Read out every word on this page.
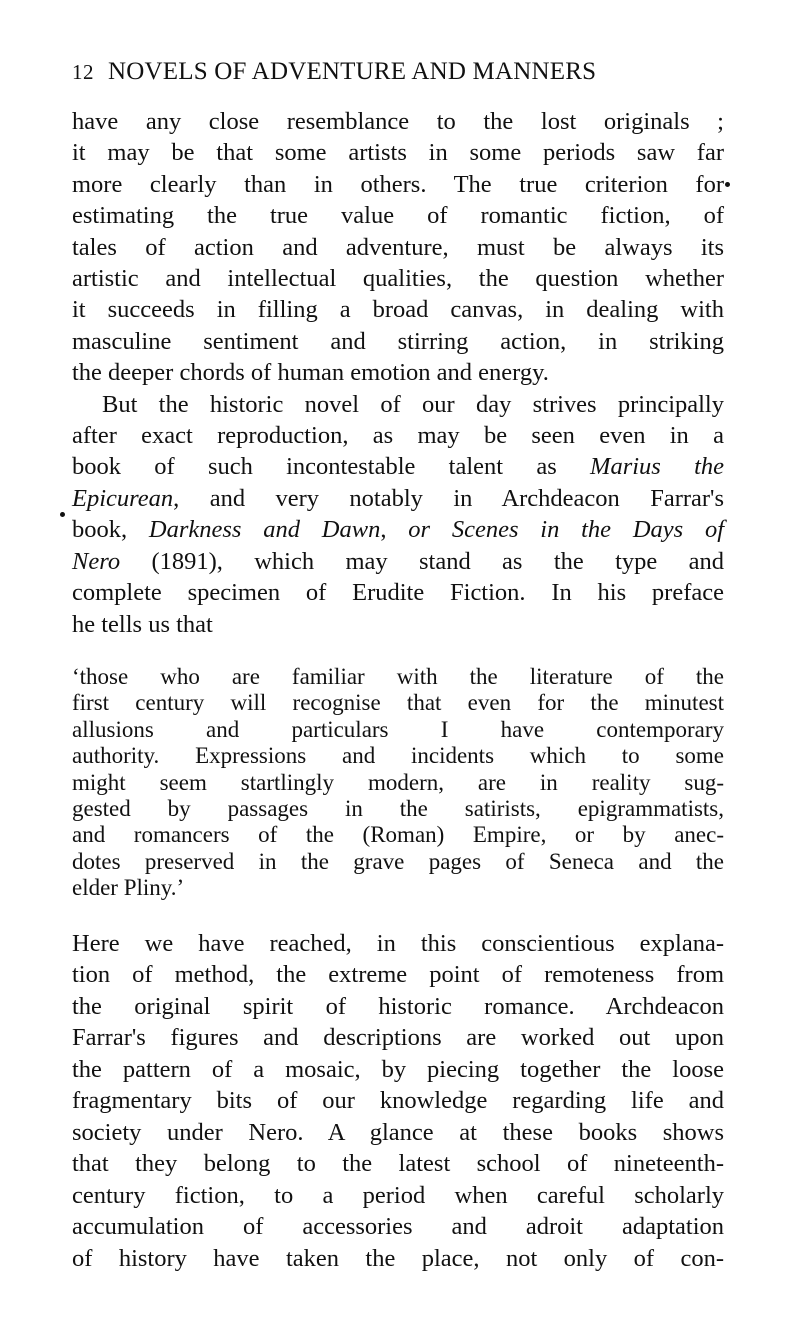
12 NOVELS OF ADVENTURE AND MANNERS
have any close resemblance to the lost originals ;
it may be that some artists in some periods saw far
more clearly than in others. The true criterion for
estimating the true value of romantic fiction, of
tales of action and adventure, must be always its
artistic and intellectual qualities, the question whether
it succeeds in filling a broad canvas, in dealing with
masculine sentiment and stirring action, in striking
the deeper chords of human emotion and energy.
But the historic novel of our day strives principally
after exact reproduction, as may be seen even in a
book of such incontestable talent as Marius the
Epicurean, and very notably in Archdeacon Farrar's
book, Darkness and Dawn, or Scenes in the Days of
Nero (1891), which may stand as the type and
complete specimen of Erudite Fiction. In his preface
he tells us that
‘those who are familiar with the literature of the
first century will recognise that even for the minutest
allusions and particulars I have contemporary
authority. Expressions and incidents which to some
might seem startlingly modern, are in reality sug-
gested by passages in the satirists, epigrammatists,
and romancers of the (Roman) Empire, or by anec-
dotes preserved in the grave pages of Seneca and the
elder Pliny.’
Here we have reached, in this conscientious explana-
tion of method, the extreme point of remoteness from
the original spirit of historic romance. Archdeacon
Farrar's figures and descriptions are worked out upon
the pattern of a mosaic, by piecing together the loose
fragmentary bits of our knowledge regarding life and
society under Nero. A glance at these books shows
that they belong to the latest school of nineteenth-
century fiction, to a period when careful scholarly
accumulation of accessories and adroit adaptation
of history have taken the place, not only of con-
